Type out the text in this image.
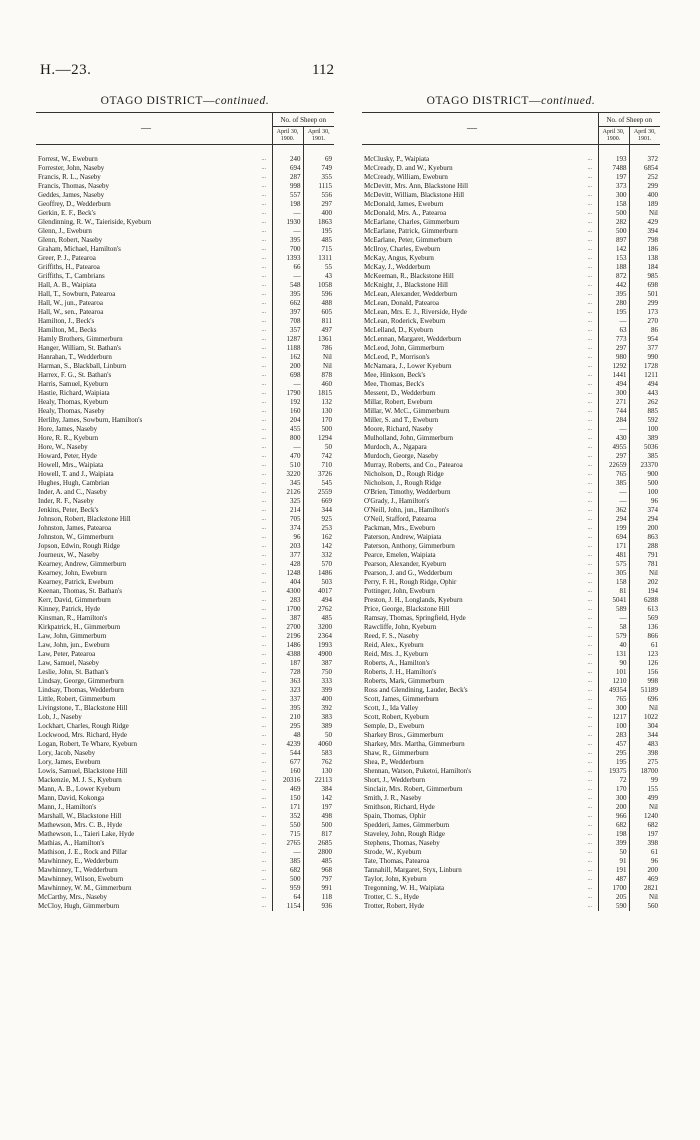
H.—23.	112
OTAGO DISTRICT—continued.
—		No. of Sheep on	
		April 30, 1900.	April 30, 1901.
Forrest, W., Eweburn	...	240	69
Forrester, John, Naseby	...	694	749
Francis, R. L., Naseby	...	287	355
Francis, Thomas, Naseby	...	998	1115
Geddes, James, Naseby	...	557	556
Geoffrey, D., Wedderburn	...	198	297
Gerkin, E. F., Beck's	...	—	400
Glendinning, R. W., Taieriside, Kyeburn	...	1930	1863
Glenn, J., Eweburn	...	—	195
Glenn, Robert, Naseby	...	395	485
Graham, Michael, Hamilton's	...	700	715
Greer, P. J., Patearoa	...	1393	1311
Griffiths, H., Patearoa	...	66	55
Griffiths, T., Cambrians	...	—	43
Hall, A. B., Waipiata	...	548	1058
Hall, T., Sowburn, Patearoa	...	395	596
Hall, W., jun., Patearoa	...	662	488
Hall, W., sen., Patearoa	...	397	605
Hamilton, J., Beck's	...	708	811
Hamilton, M., Becks	...	357	497
Hamly Brothers, Gimmerburn	...	1287	1361
Hanger, William, St. Bathan's	...	1188	786
Hanrahan, T., Wedderburn	...	162	Nil
Harman, S., Blackball, Linburn	...	200	Nil
Harrex, F. G., St. Bathan's	...	698	878
Harris, Samuel, Kyeburn	...	—	460
Hastie, Richard, Waipiata	...	1790	1815
Healy, Thomas, Kyeburn	...	192	132
Healy, Thomas, Naseby	...	160	130
Herlihy, James, Sowburn, Hamilton's	...	204	170
Hore, James, Naseby	...	455	500
Hore, R. R., Kyeburn	...	800	1294
Hore, W., Naseby	...	—	50
Howard, Peter, Hyde	...	470	742
Howell, Mrs., Waipiata	...	510	710
Howell, T. and J., Waipiata	...	3220	3726
Hughes, Hugh, Cambrian	...	345	545
Inder, A. and C., Naseby	...	2126	2559
Inder, R. F., Naseby	...	325	669
Jenkins, Peter, Beck's	...	214	344
Johnson, Robert, Blackstone Hill	...	705	925
Johnston, James, Patearoa	...	374	253
Johnston, W., Gimmerburn	...	96	162
Jopson, Edwin, Rough Ridge	...	203	142
Journeux, W., Naseby	...	377	332
Kearney, Andrew, Gimmerburn	...	428	570
Kearney, John, Eweburn	...	1248	1486
Kearney, Patrick, Eweburn	...	404	503
Keenan, Thomas, St. Bathan's	...	4300	4017
Kerr, David, Gimmerburn	...	283	494
Kinney, Patrick, Hyde	...	1700	2762
Kinsman, R., Hamilton's	...	387	485
Kirkpatrick, H., Gimmerburn	...	2700	3200
Law, John, Gimmerburn	...	2196	2364
Law, John, jun., Eweburn	...	1486	1993
Law, Peter, Patearoa	...	4388	4900
Law, Samuel, Naseby	...	187	387
Leslie, John, St. Bathan's	...	728	750
Lindsay, George, Gimmerburn	...	363	333
Lindsay, Thomas, Wedderburn	...	323	399
Little, Robert, Gimmerburn	...	337	400
Livingstone, T., Blackstone Hill	...	395	392
Lob, J., Naseby	...	210	383
Lockhart, Charles, Rough Ridge	...	295	389
Lockwood, Mrs. Richard, Hyde	...	48	50
Logan, Robert, Te Whare, Kyeburn	...	4239	4060
Lory, Jacob, Naseby	...	544	583
Lory, James, Eweburn	...	677	762
Lowis, Samuel, Blackstone Hill	...	160	130
Mackenzie, M. J. S., Kyeburn	...	20316	22113
Mann, A. B., Lower Kyeburn	...	469	384
Mann, David, Kokonga	...	150	142
Mann, J., Hamilton's	...	171	197
Marshall, W., Blackstone Hill	...	352	498
Mathewson, Mrs. C. B., Hyde	...	550	500
Mathewson, L., Taieri Lake, Hyde	...	715	817
Mathias, A., Hamilton's	...	2765	2685
Mathison, J. E., Rock and Pillar	...	—	2800
Mawhinney, E., Wedderburn	...	385	485
Mawhinney, T., Wedderburn	...	682	968
Mawhinney, Wilson, Eweburn	...	500	797
Mawhinney, W. M., Gimmerburn	...	959	991
McCarthy, Mrs., Naseby	...	64	118
McCloy, Hugh, Gimmerburn	...	1154	936
OTAGO DISTRICT—continued.
—		No. of Sheep on	
		April 30, 1900.	April 30, 1901.
McClusky, P., Waipiata	...	193	372
McCready, D. and W., Kyeburn	...	7488	6854
McCready, William, Eweburn	...	197	252
McDevitt, Mrs. Ann, Blackstone Hill	...	373	299
McDevitt, William, Blackstone Hill	...	300	400
McDonald, James, Eweburn	...	158	189
McDonald, Mrs. A., Patearoa	...	500	Nil
McEarlane, Charles, Gimmerburn	...	282	429
McEarlane, Patrick, Gimmerburn	...	500	394
McEarlane, Peter, Gimmerburn	...	897	798
McIlroy, Charles, Eweburn	...	142	186
McKay, Angus, Kyeburn	...	153	138
McKay, J., Wedderburn	...	188	184
McKeeman, R., Blackstone Hill	...	872	985
McKnight, J., Blackstone Hill	...	442	698
McLean, Alexander, Wedderburn	...	395	501
McLean, Donald, Patearoa	...	280	299
McLean, Mrs. E. J., Riverside, Hyde	...	195	173
McLean, Roderick, Eweburn	...	—	270
McLelland, D., Kyeburn	...	63	86
McLennan, Margaret, Wedderburn	...	773	954
McLeod, John, Gimmerburn	...	297	377
McLeod, P., Morrison's	...	980	990
McNamara, J., Lower Kyeburn	...	1292	1728
Mee, Hinkson, Beck's	...	1441	1211
Mee, Thomas, Beck's	...	494	494
Messent, D., Wedderburn	...	300	443
Millar, Robert, Eweburn	...	271	262
Millar, W. McC., Gimmerburn	...	744	885
Miller, S. and T., Eweburn	...	284	592
Moore, Richard, Naseby	...	—	100
Mulholland, John, Gimmerburn	...	430	389
Murdoch, A., Ngapara	...	4955	5036
Murdoch, George, Naseby	...	297	385
Murray, Roberts, and Co., Patearoa	...	22659	23370
Nicholson, D., Rough Ridge	...	765	900
Nicholson, J., Rough Ridge	...	385	500
O'Brien, Timothy, Wedderburn	...	—	100
O'Grady, J., Hamilton's	...	—	96
O'Neill, John, jun., Hamilton's	...	362	374
O'Neil, Stafford, Patearoa	...	294	294
Packman, Mrs., Eweburn	...	199	200
Paterson, Andrew, Waipiata	...	694	863
Paterson, Anthony, Gimmerburn	...	171	288
Pearce, Emelen, Waipiata	...	481	791
Pearson, Alexander, Kyeburn	...	575	781
Pearson, J. and G., Wedderburn	...	305	Nil
Perry, F. H., Rough Ridge, Ophir	...	158	202
Pottinger, John, Eweburn	...	81	194
Preston, J. H., Longlands, Kyeburn	...	5041	6288
Price, George, Blackstone Hill	...	589	613
Ramsay, Thomas, Springfield, Hyde	...	—	569
Rawcliffe, John, Kyeburn	...	58	136
Reed, F. S., Naseby	...	579	866
Reid, Alex., Kyeburn	...	40	61
Reid, Mrs. J., Kyeburn	...	131	123
Roberts, A., Hamilton's	...	90	126
Roberts, J. H., Hamilton's	...	101	156
Roberts, Mark, Gimmerburn	...	1210	998
Ross and Glendining, Lauder, Beck's	...	49354	51189
Scott, James, Gimmerburn	...	765	696
Scott, J., Ida Valley	...	300	Nil
Scott, Robert, Kyeburn	...	1217	1022
Semple, D., Eweburn	...	100	304
Sharkey Bros., Gimmerburn	...	283	344
Sharkey, Mrs. Martha, Gimmerburn	...	457	483
Shaw, R., Gimmerburn	...	295	398
Shea, P., Wedderburn	...	195	275
Shennan, Watson, Puketoi, Hamilton's	...	19375	18700
Short, J., Wedderburn	...	72	99
Sinclair, Mrs. Robert, Gimmerburn	...	170	155
Smith, J. R., Naseby	...	300	499
Smithson, Richard, Hyde	...	200	Nil
Spain, Thomas, Ophir	...	966	1240
Spedderi, James, Gimmerburn	...	682	682
Staveley, John, Rough Ridge	...	198	197
Stephens, Thomas, Naseby	...	399	398
Strode, W., Kyeburn	...	50	61
Tate, Thomas, Patearoa	...	91	96
Tannahill, Margaret, Styx, Linburn	...	191	200
Taylor, John, Kyeburn	...	487	469
Tregonning, W. H., Waipiata	...	1700	2821
Trotter, C. S., Hyde	...	205	Nil
Trotter, Robert, Hyde	...	590	560
